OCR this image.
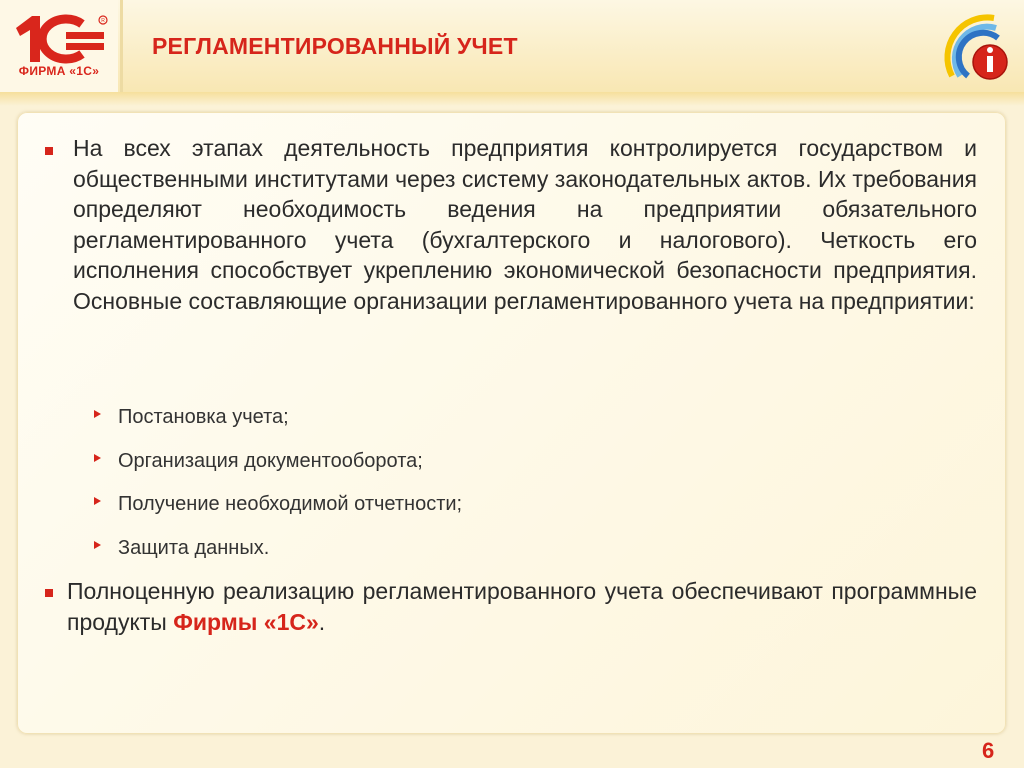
R
ФИРМА «1С»
РЕГЛАМЕНТИРОВАННЫЙ УЧЕТ

На всех этапах деятельность предприятия контролируется государством и общественными институтами через систему законодательных актов. Их требования определяют необходимость ведения на предприятии обязательного регламентированного учета (бухгалтерского и налогового). Четкость его исполнения способствует укреплению экономической безопасности предприятия. Основные составляющие организации регламентированного учета на предприятии:

Постановка учета;
Организация документооборота;
Получение необходимой отчетности;
Защита данных.

Полноценную реализацию регламентированного учета обеспечивают программные продукты Фирмы «1С».

6
